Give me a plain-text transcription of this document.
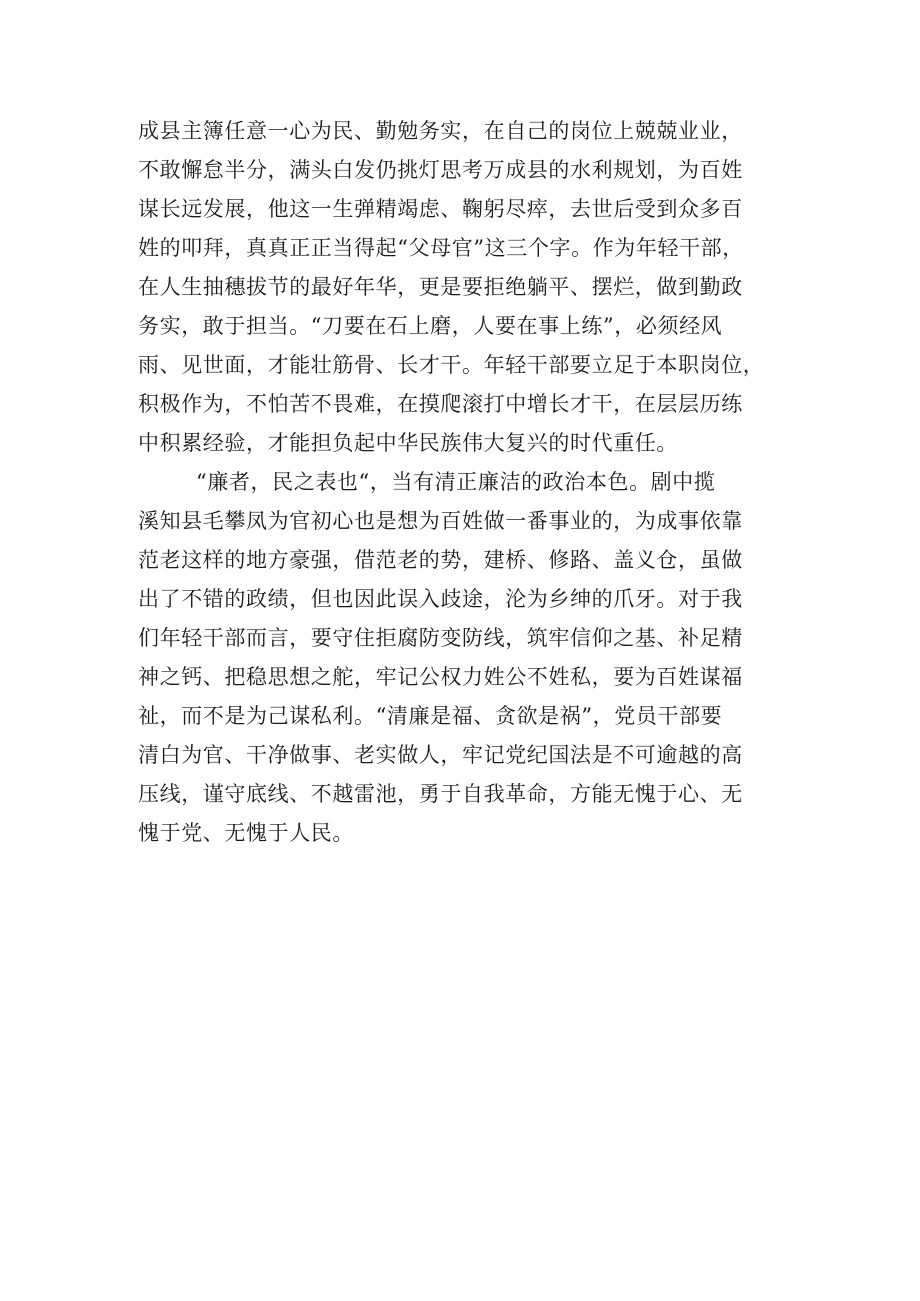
成县主簿任意一心为民、勤勉务实，在自己的岗位上兢兢业业，
不敢懈怠半分，满头白发仍挑灯思考万成县的水利规划，为百姓
谋长远发展，他这一生弹精竭虑、鞠躬尽瘁，去世后受到众多百
姓的叩拜，真真正正当得起“父母官”这三个字。作为年轻干部，
在人生抽穗拔节的最好年华，更是要拒绝躺平、摆烂，做到勤政
务实，敢于担当。“刀要在石上磨，人要在事上练”，必须经风
雨、见世面，才能壮筋骨、长才干。年轻干部要立足于本职岗位，
积极作为，不怕苦不畏难，在摸爬滚打中增长才干，在层层历练
中积累经验，才能担负起中华民族伟大复兴的时代重任。
“廉者，民之表也“，当有清正廉洁的政治本色。剧中揽
溪知县毛攀凤为官初心也是想为百姓做一番事业的，为成事依靠
范老这样的地方豪强，借范老的势，建桥、修路、盖义仓，虽做
出了不错的政绩，但也因此误入歧途，沦为乡绅的爪牙。对于我
们年轻干部而言，要守住拒腐防变防线，筑牢信仰之基、补足精
神之钙、把稳思想之舵，牢记公权力姓公不姓私，要为百姓谋福
祉，而不是为己谋私利。“清廉是福、贪欲是祸”，党员干部要
清白为官、干净做事、老实做人，牢记党纪国法是不可逾越的高
压线，谨守底线、不越雷池，勇于自我革命，方能无愧于心、无
愧于党、无愧于人民。
